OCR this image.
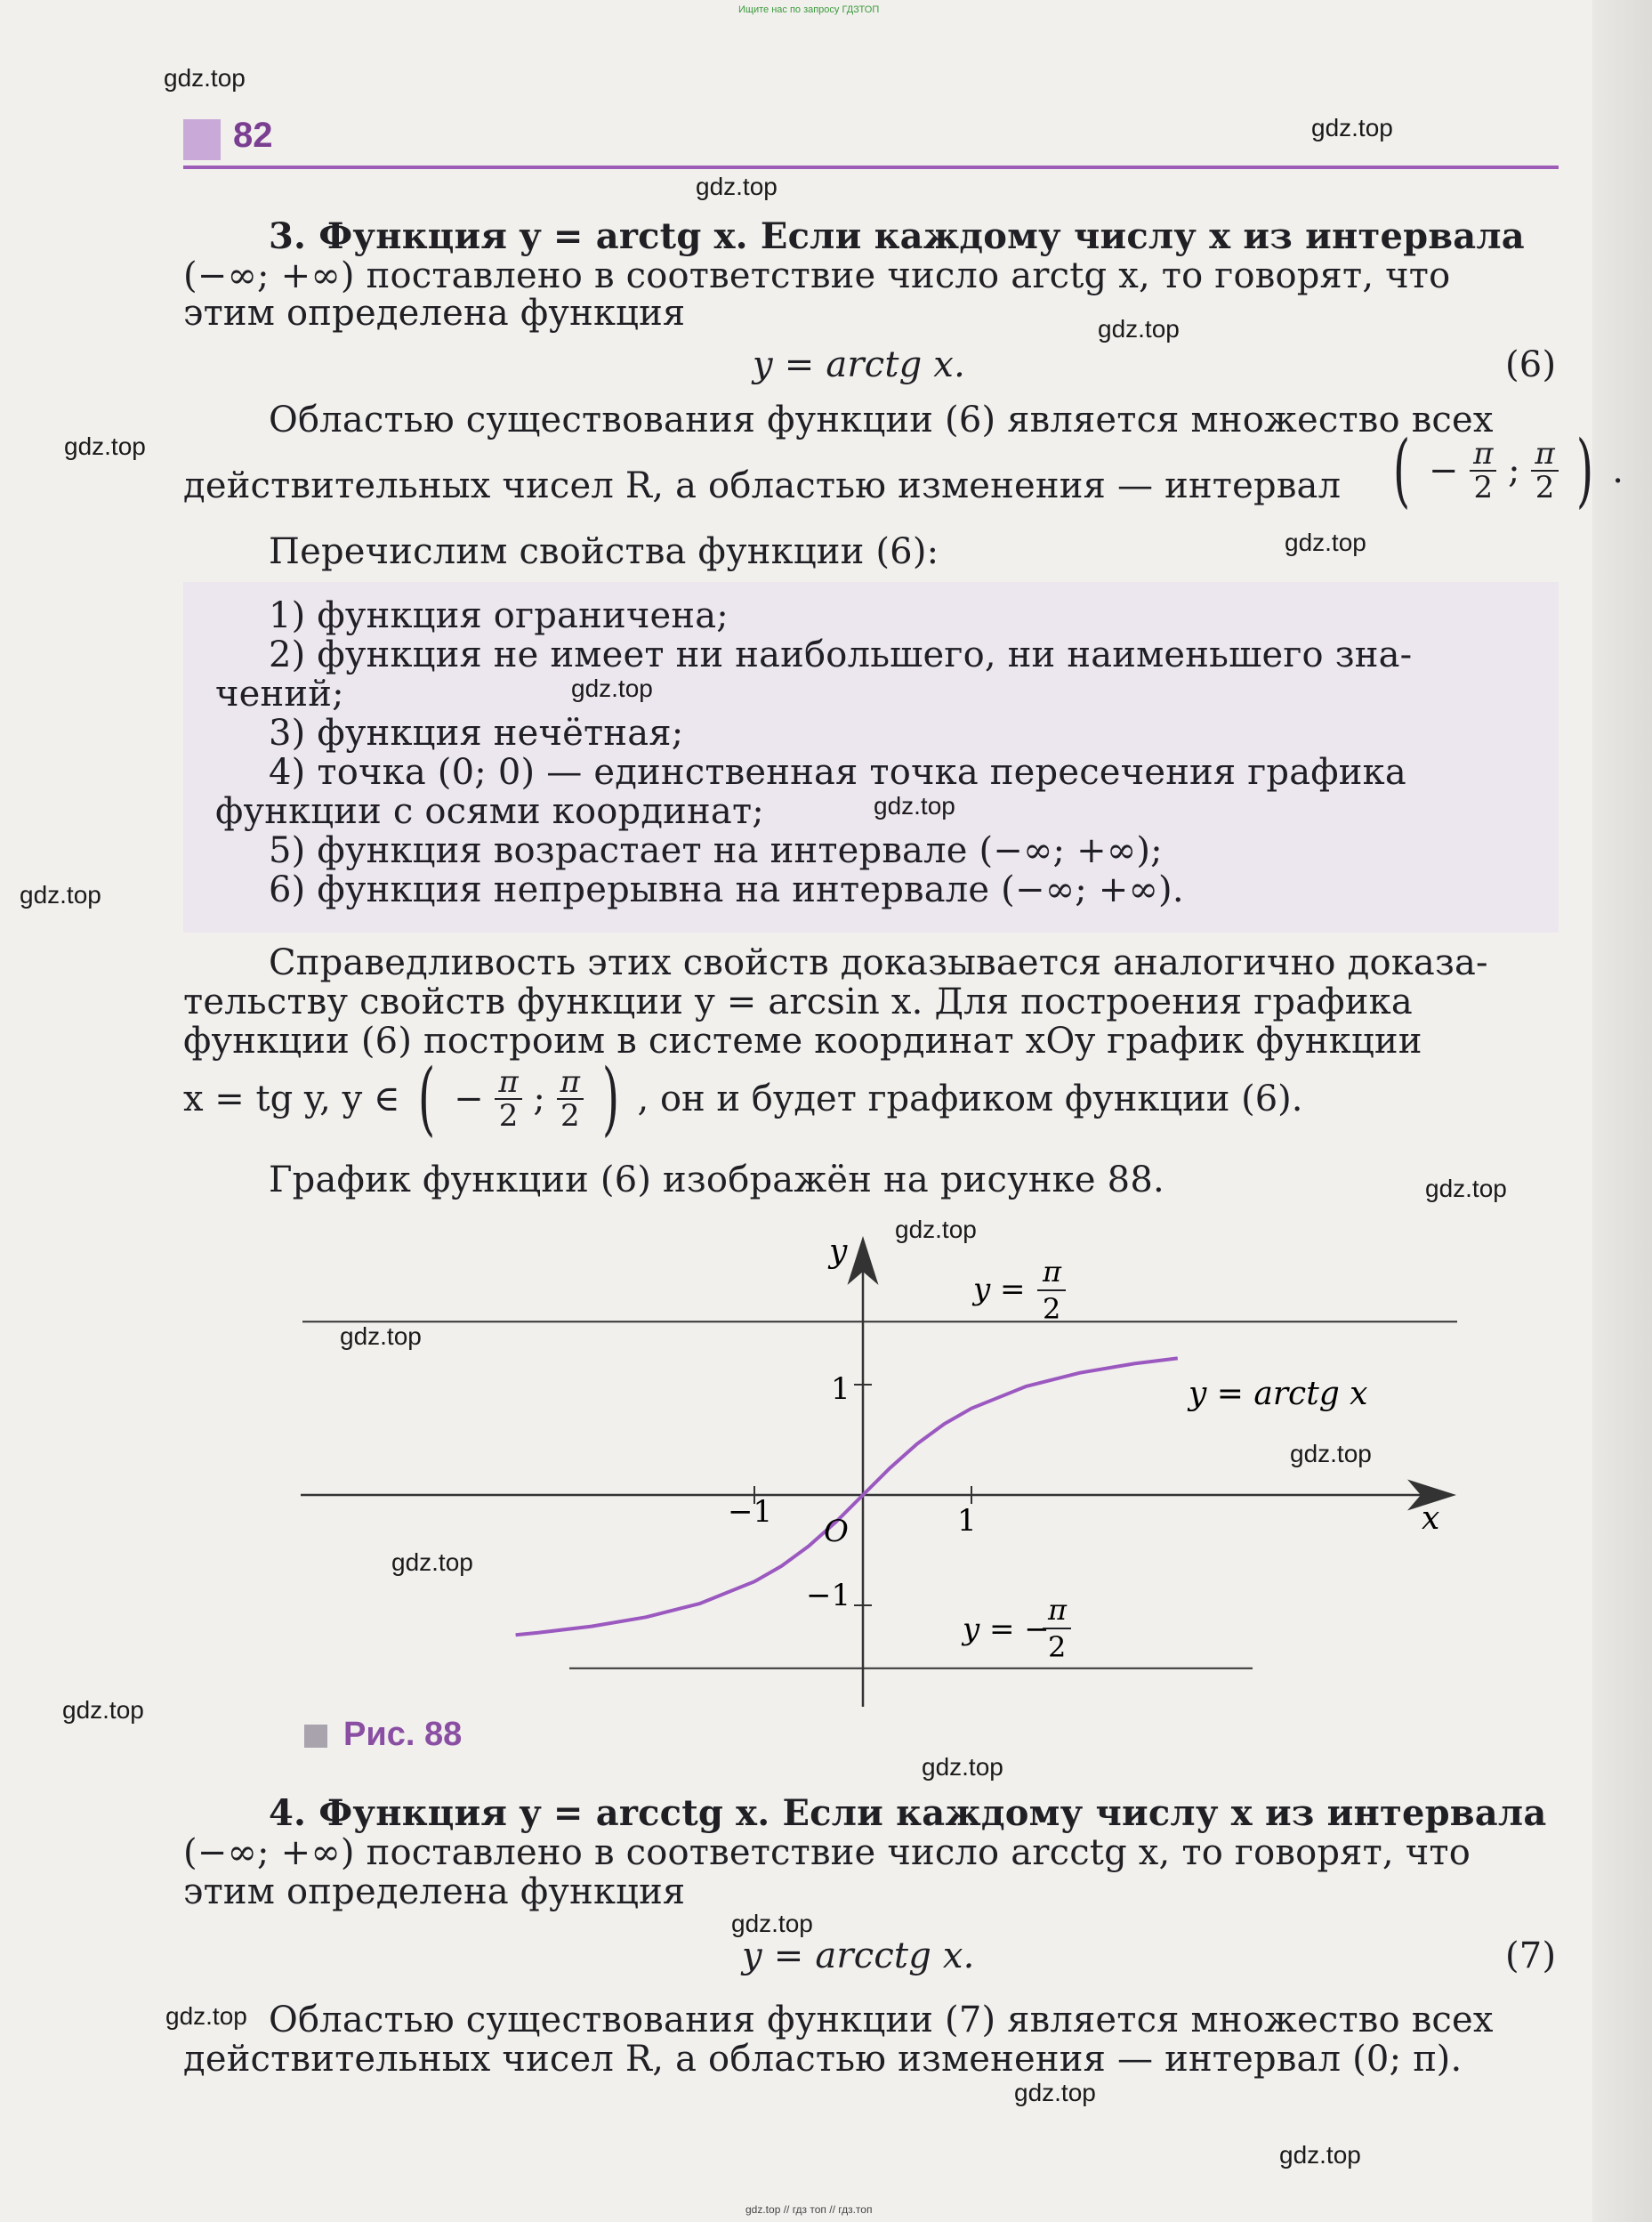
Ищите нас по запросу ГДЗТОП
gdz.top // гдз топ // гдз.топ
82
3. Функция y = arctg x. Если каждому числу x из интервала
(−∞; +∞) поставлено в соответствие число arctg x, то говорят, что
этим определена функция
y = arctg x.	(6)
Областью существования функции (6) является множество всех
действительных чисел R, а областью изменения — интервал ( − $\frac{\pi}{2}$ ; $\frac{\pi}{2}$ ) .
Перечислим свойства функции (6):
1) функция ограничена;
2) функция не имеет ни наибольшего, ни наименьшего зна-
чений;
3) функция нечётная;
4) точка (0; 0) — единственная точка пересечения графика
функции с осями координат;
5) функция возрастает на интервале (−∞; +∞);
6) функция непрерывна на интервале (−∞; +∞).
Справедливость этих свойств доказывается аналогично доказа-
тельству свойств функции y = arcsin x. Для построения графика
функции (6) построим в системе координат xOy график функции
x = tg y, y ∈ ( − $\frac{\pi}{2}$ ; $\frac{\pi}{2}$ ) , он и будет графиком функции (6).
График функции (6) изображён на рисунке 88.
y
x
O	1
−1
1
−1
y = π
2
y = arctg x
y = −
π
2
Рис. 88
4. Функция y = arcctg x. Если каждому числу x из интервала
(−∞; +∞) поставлено в соответствие число arcctg x, то говорят, что
этим определена функция
y = arcctg x.	(7)
Областью существования функции (7) является множество всех
действительных чисел R, а областью изменения — интервал (0; π).
gdz.top
gdz.top
gdz.top
gdz.top
gdz.top
gdz.top
gdz.top
gdz.top
gdz.top
gdz.top
gdz.top
gdz.top
gdz.top
gdz.top
gdz.top
gdz.top
gdz.top
gdz.top
gdz.top
gdz.top
